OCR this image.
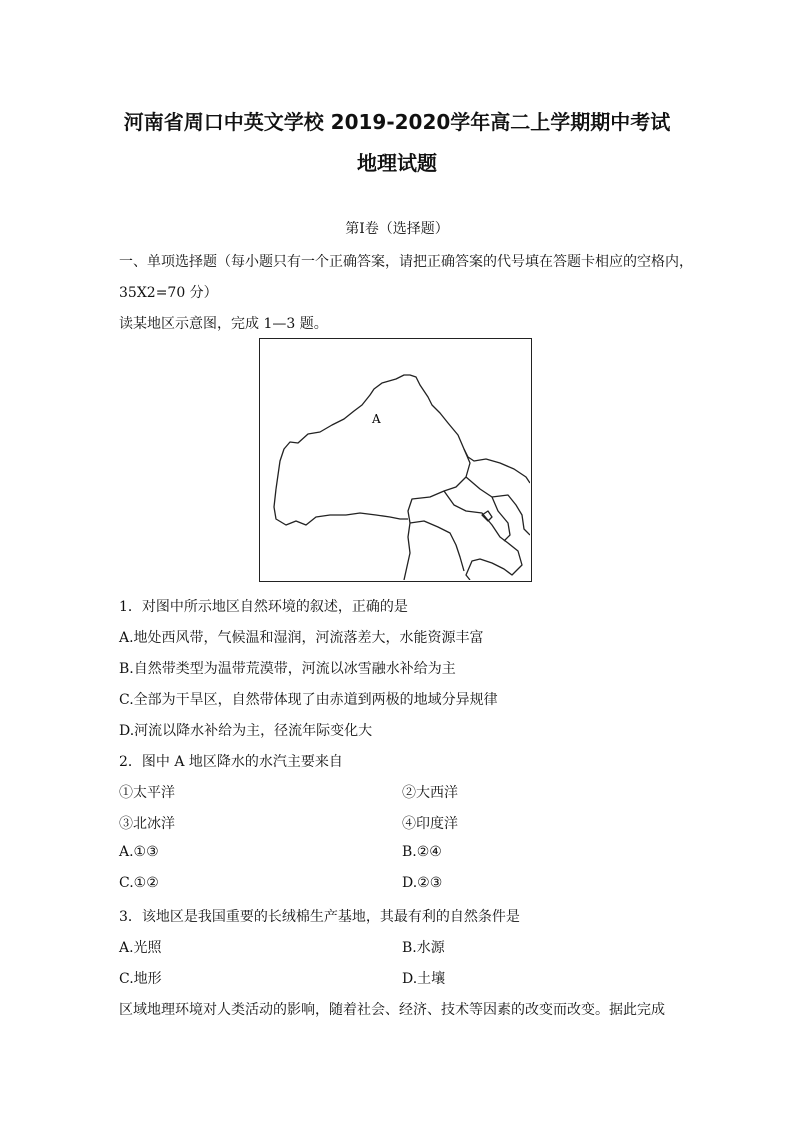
河南省周口中英文学校 2019-2020学年高二上学期期中考试
地理试题
第Ⅰ卷（选择题）
一、单项选择题（每小题只有一个正确答案，请把正确答案的代号填在答题卡相应的空格内，
35X2=70 分）
读某地区示意图，完成 1—3 题。
A
1．对图中所示地区自然环境的叙述，正确的是
A.地处西风带，气候温和湿润，河流落差大，水能资源丰富
B.自然带类型为温带荒漠带，河流以冰雪融水补给为主
C.全部为干旱区，自然带体现了由赤道到两极的地域分异规律
D.河流以降水补给为主，径流年际变化大
2．图中 A 地区降水的水汽主要来自
①太平洋	②大西洋
③北冰洋	④印度洋
A.①③	B.②④
C.①②	D.②③
3．该地区是我国重要的长绒棉生产基地，其最有利的自然条件是
A.光照	B.水源
C.地形	D.土壤
区域地理环境对人类活动的影响，随着社会、经济、技术等因素的改变而改变。据此完成
